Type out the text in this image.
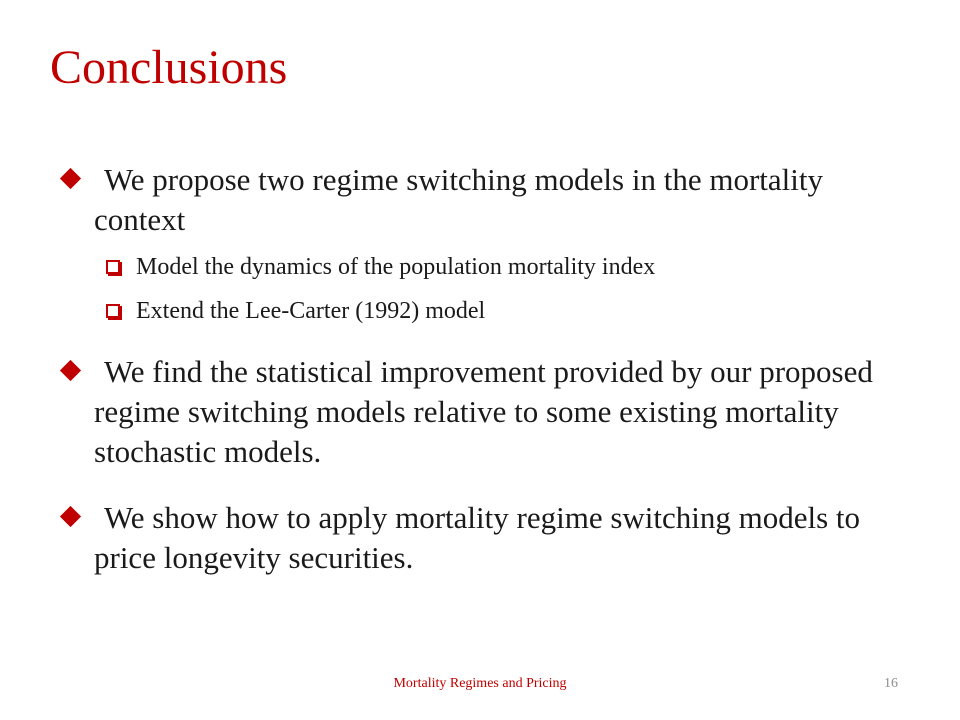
Conclusions
We propose two regime switching models in the mortality context
Model the dynamics of the population mortality index
Extend the Lee-Carter (1992) model
We find the statistical improvement provided by our proposed regime switching models relative to some existing mortality stochastic models.
We show how to apply mortality regime switching models to price longevity securities.
Mortality Regimes and Pricing	16
